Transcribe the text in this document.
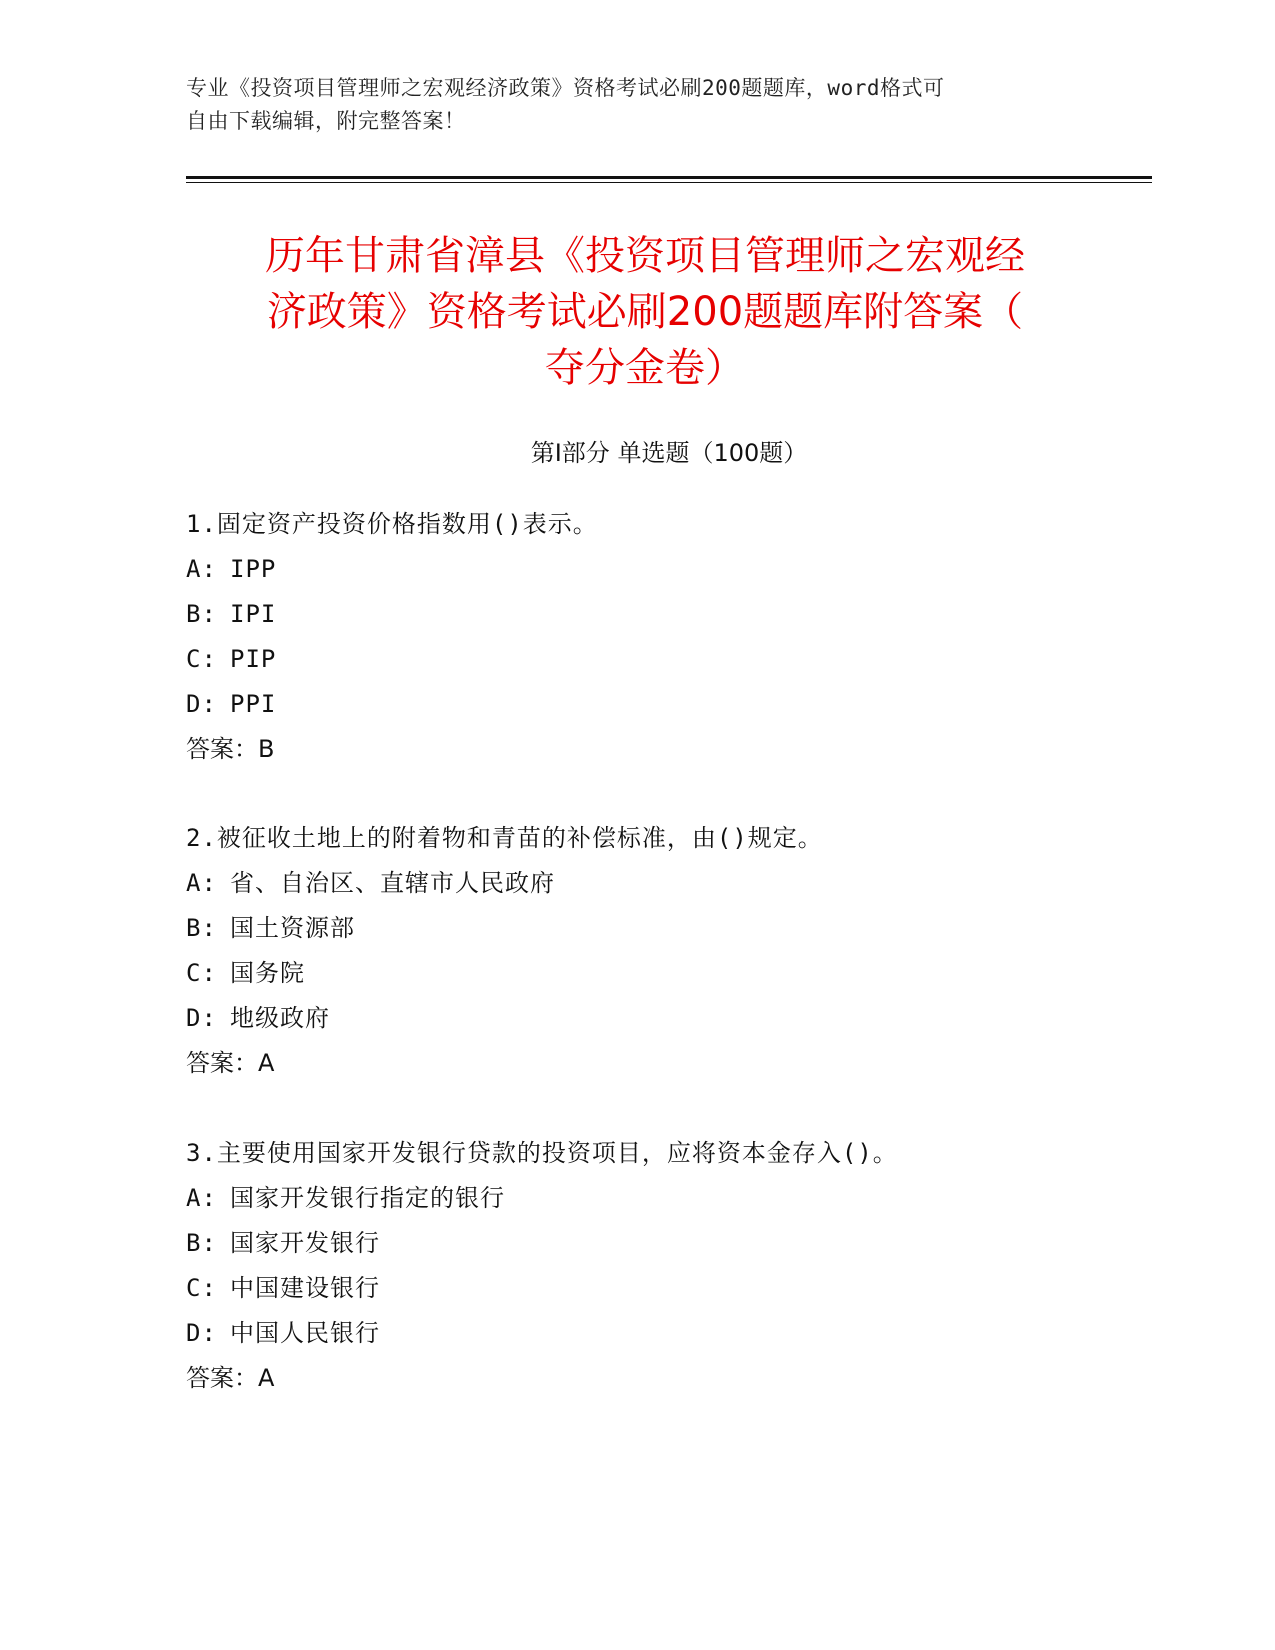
专业《投资项目管理师之宏观经济政策》资格考试必刷200题题库，word格式可
自由下载编辑，附完整答案！
历年甘肃省漳县《投资项目管理师之宏观经
济政策》资格考试必刷200题题库附答案（
夺分金卷）
第I部分 单选题（100题）
1.固定资产投资价格指数用()表示。
A: IPP
B: IPI
C: PIP
D: PPI
答案：B
2.被征收土地上的附着物和青苗的补偿标准，由()规定。
A: 省、自治区、直辖市人民政府
B: 国土资源部
C: 国务院
D: 地级政府
答案：A
3.主要使用国家开发银行贷款的投资项目，应将资本金存入()。
A: 国家开发银行指定的银行
B: 国家开发银行
C: 中国建设银行
D: 中国人民银行
答案：A
